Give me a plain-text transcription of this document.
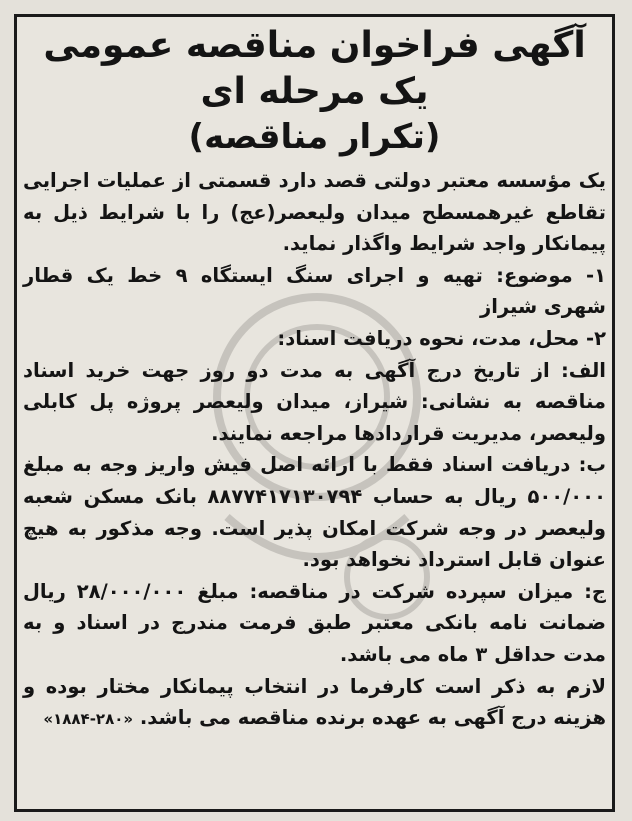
آگهی فراخوان مناقصه عمومی یک مرحله ای
(تکرار مناقصه)

یک مؤسسه معتبر دولتی قصد دارد قسمتی از عملیات اجرایی تقاطع غیرهمسطح میدان ولیعصر(عج) را با شرایط ذیل به پیمانکار واجد شرایط واگذار نماید.

۱- موضوع: تهیه و اجرای سنگ ایستگاه ۹ خط یک قطار شهری شیراز

۲- محل، مدت، نحوه دریافت اسناد:

الف: از تاریخ درج آگهی به مدت دو روز جهت خرید اسناد مناقصه به نشانی: شیراز، میدان ولیعصر پروژه پل کابلی ولیعصر، مدیریت قراردادها مراجعه نمایند.

ب: دریافت اسناد فقط با ارائه اصل فیش واریز وجه به مبلغ ۵۰۰/۰۰۰ ریال به حساب ۸۸۷۷۴۱۷۱۳۰۷۹۴ بانک مسکن شعبه ولیعصر در وجه شرکت امکان پذیر است. وجه مذکور به هیچ عنوان قابل استرداد نخواهد بود.

ج: میزان سپرده شرکت در مناقصه: مبلغ ۲۸/۰۰۰/۰۰۰ ریال ضمانت نامه بانکی معتبر طبق فرمت مندرج در اسناد و به مدت حداقل ۳ ماه می باشد.

لازم به ذکر است کارفرما در انتخاب پیمانکار مختار بوده و هزینه درج آگهی به عهده برنده مناقصه می باشد. «۲۸۰-۱۸۸۴»
